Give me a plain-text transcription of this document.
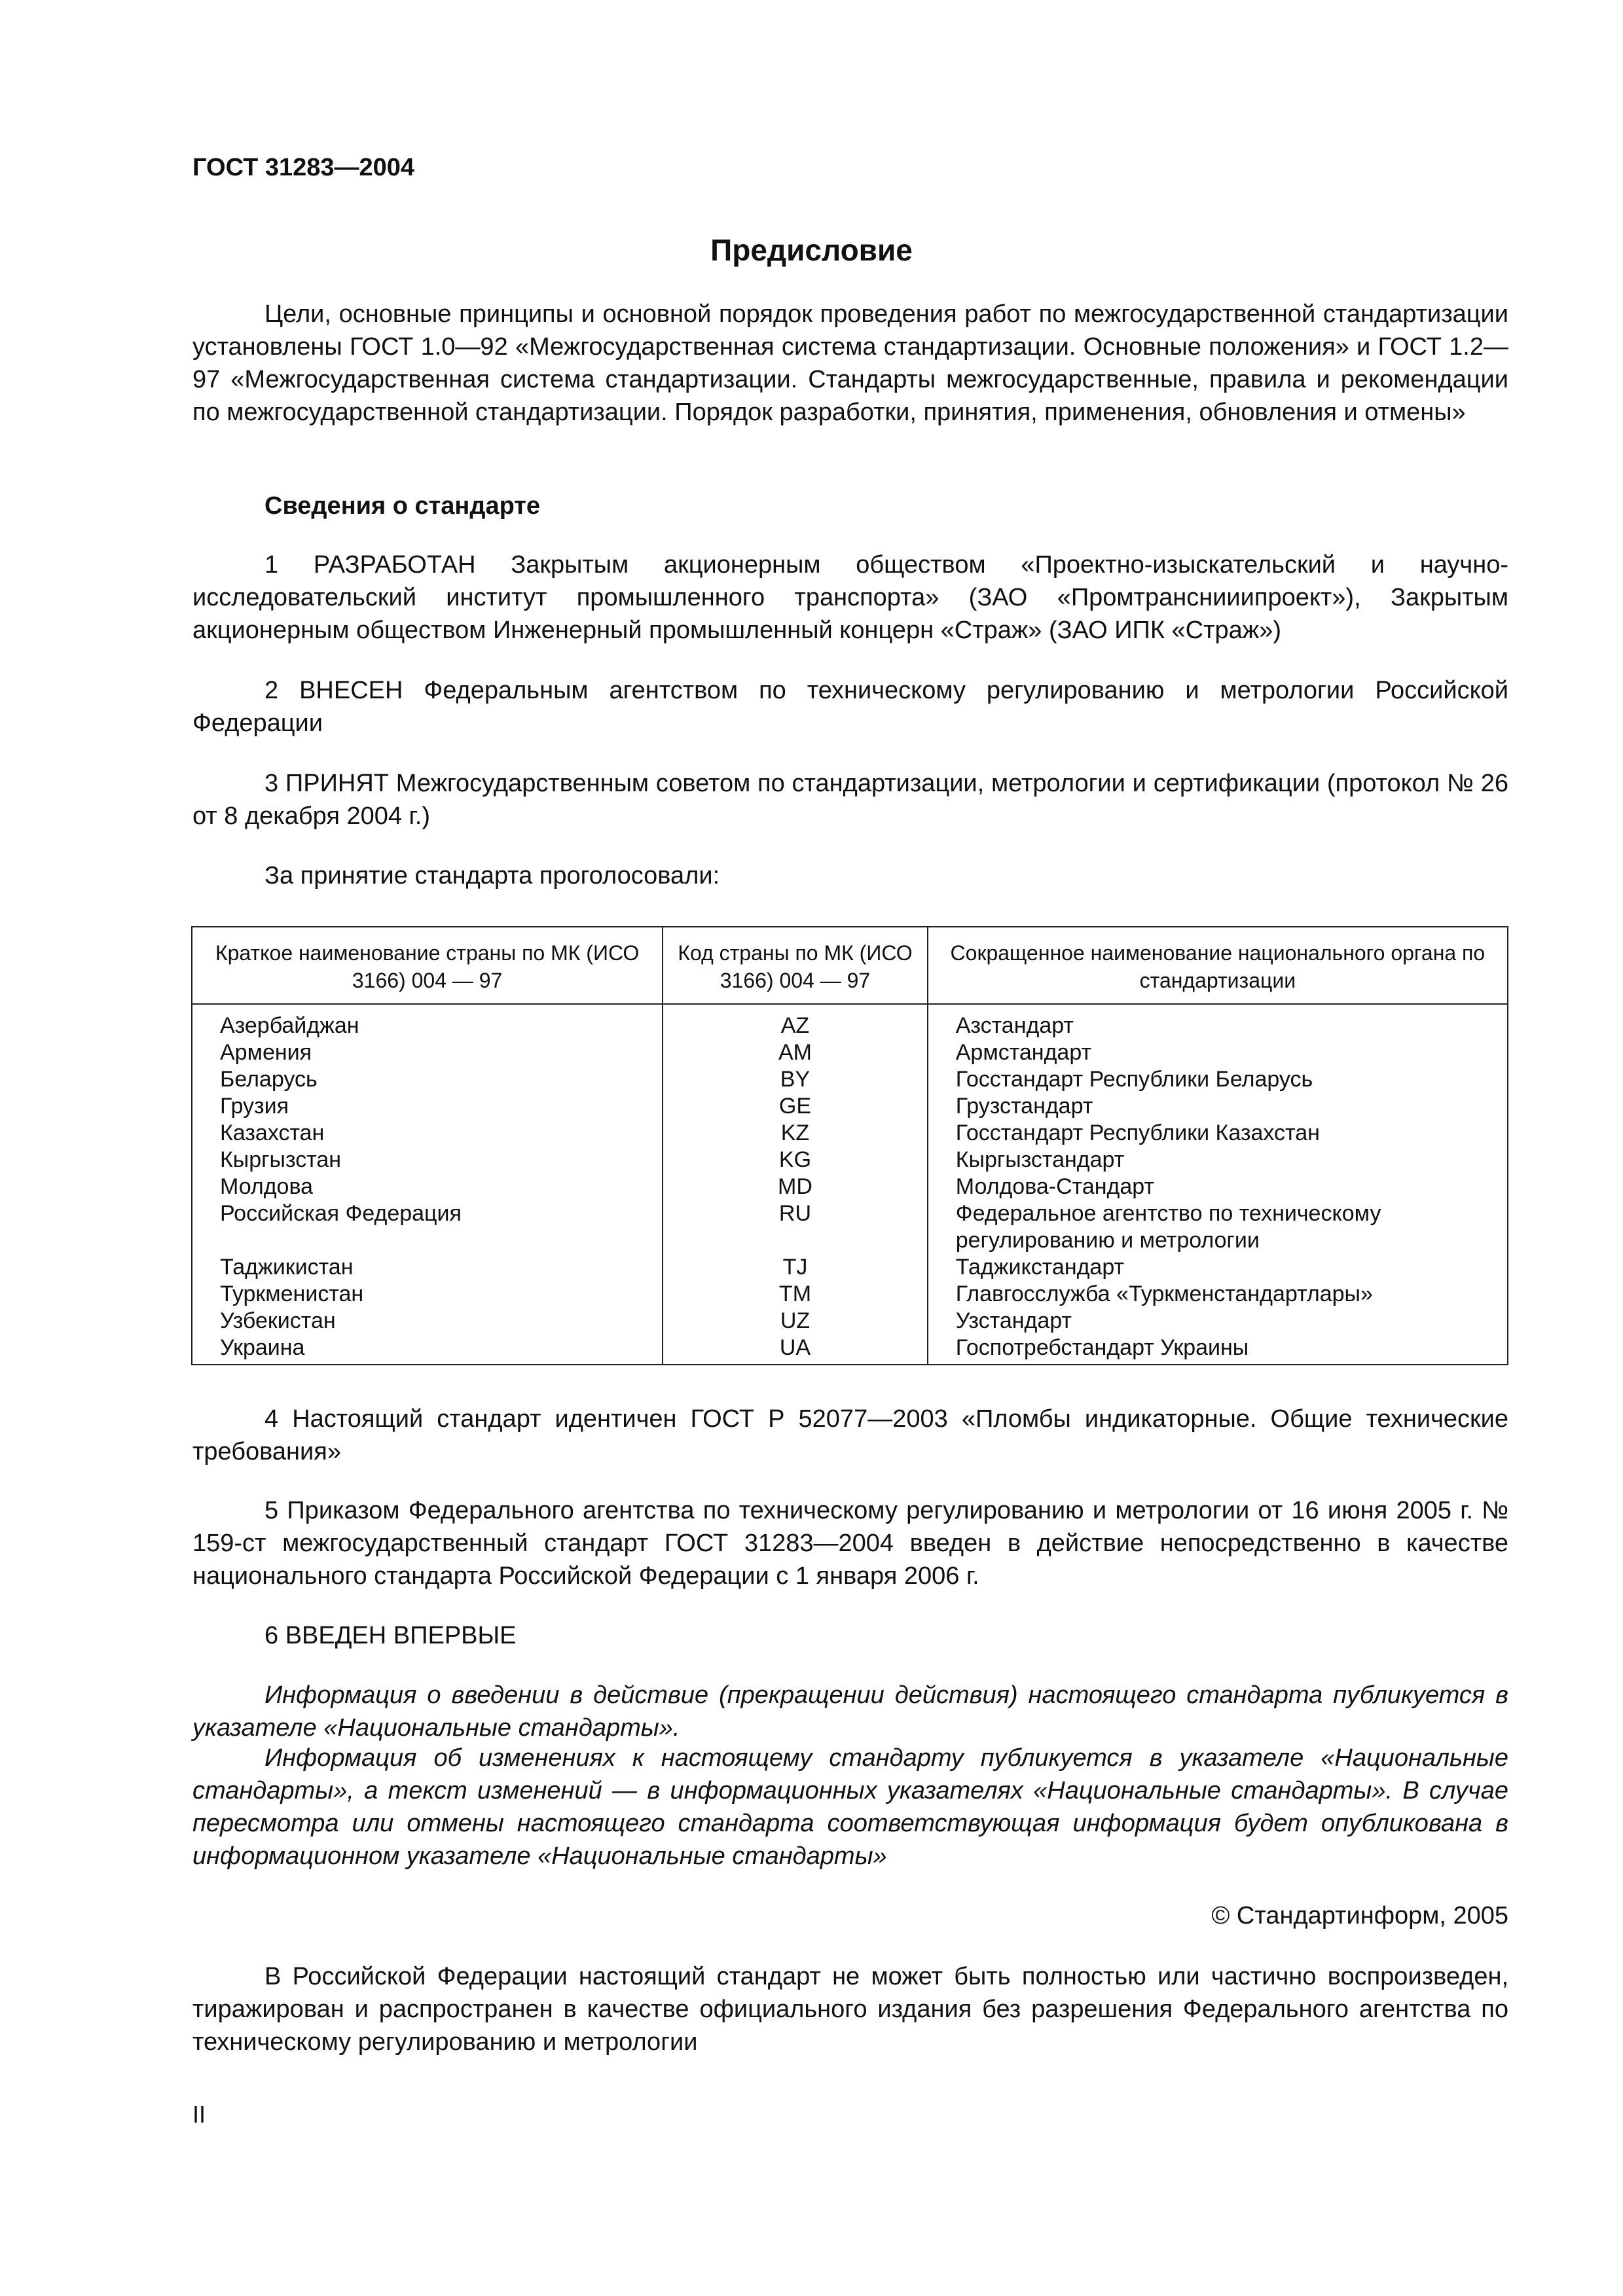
ГОСТ 31283—2004
Предисловие

Цели, основные принципы и основной порядок проведения работ по межгосударственной стандартизации установлены ГОСТ 1.0—92 «Межгосударственная система стандартизации. Основные положения» и ГОСТ 1.2—97 «Межгосударственная система стандартизации. Стандарты межгосударственные, правила и рекомендации по межгосударственной стандартизации. Порядок разработки, принятия, применения, обновления и отмены»

Сведения о стандарте

1 РАЗРАБОТАН Закрытым акционерным обществом «Проектно-изыскательский и научно-исследовательский институт промышленного транспорта» (ЗАО «Промтранснииипроект»), Закрытым акционерным обществом Инженерный промышленный концерн «Страж» (ЗАО ИПК «Страж»)

2 ВНЕСЕН Федеральным агентством по техническому регулированию и метрологии Российской Федерации

3 ПРИНЯТ Межгосударственным советом по стандартизации, метрологии и сертификации (протокол № 26 от 8 декабря 2004 г.)

За принятие стандарта проголосовали:

Краткое наименование страны по МК (ИСО 3166) 004 — 97	Код страны по МК (ИСО 3166) 004 — 97	Сокращенное наименование национального органа по стандартизации
Азербайджан	AZ	Азстандарт
Армения	AM	Армстандарт
Беларусь	BY	Госстандарт Республики Беларусь
Грузия	GE	Грузстандарт
Казахстан	KZ	Госстандарт Республики Казахстан
Кыргызстан	KG	Кыргызстандарт
Молдова	MD	Молдова-Стандарт
Российская Федерация	RU	Федеральное агентство по техническому регулированию и метрологии
Таджикистан	TJ	Таджикстандарт
Туркменистан	TM	Главгосслужба «Туркменстандартлары»
Узбекистан	UZ	Узстандарт
Украина	UA	Госпотребстандарт Украины

4 Настоящий стандарт идентичен ГОСТ Р 52077—2003 «Пломбы индикаторные. Общие технические требования»

5 Приказом Федерального агентства по техническому регулированию и метрологии от 16 июня 2005 г. № 159-ст межгосударственный стандарт ГОСТ 31283—2004 введен в действие непосредственно в качестве национального стандарта Российской Федерации с 1 января 2006 г.

6 ВВЕДЕН ВПЕРВЫЕ

Информация о введении в действие (прекращении действия) настоящего стандарта публикуется в указателе «Национальные стандарты».

Информация об изменениях к настоящему стандарту публикуется в указателе «Национальные стандарты», а текст изменений — в информационных указателях «Национальные стандарты». В случае пересмотра или отмены настоящего стандарта соответствующая информация будет опубликована в информационном указателе «Национальные стандарты»

© Стандартинформ, 2005

В Российской Федерации настоящий стандарт не может быть полностью или частично воспроизведен, тиражирован и распространен в качестве официального издания без разрешения Федерального агентства по техническому регулированию и метрологии

II
